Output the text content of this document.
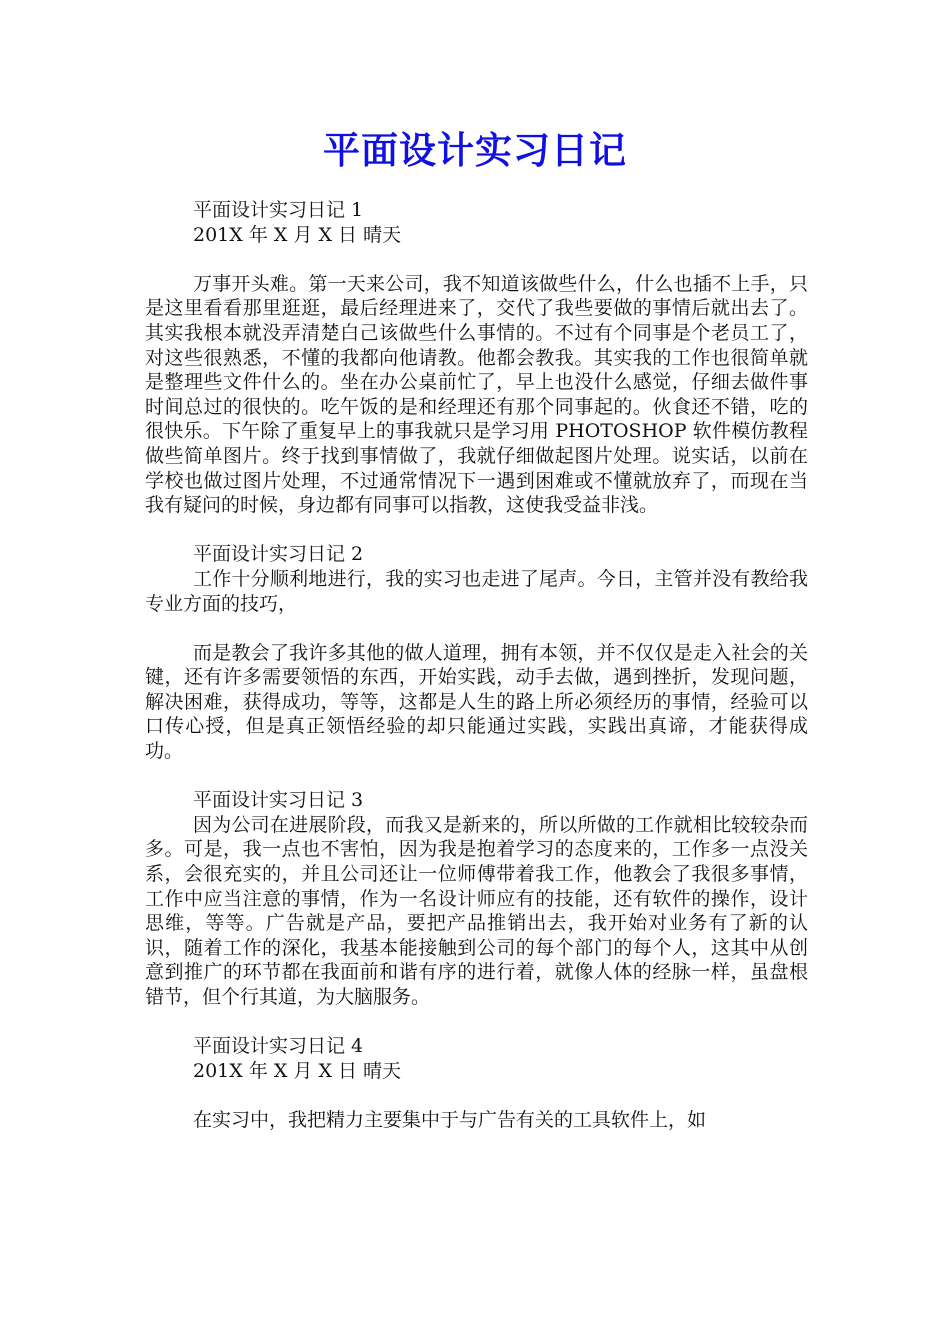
平面设计实习日记

平面设计实习日记 1

201X 年 X 月 X 日 晴天

万事开头难。第一天来公司，我不知道该做些什么，什么也插不上手，只是这里看看那里逛逛，最后经理进来了，交代了我些要做的事情后就出去了。其实我根本就没弄清楚白己该做些什么事情的。不过有个同事是个老员工了，对这些很熟悉，不懂的我都向他请教。他都会教我。其实我的工作也很简单就是整理些文件什么的。坐在办公桌前忙了，早上也没什么感觉，仔细去做件事时间总过的很快的。吃午饭的是和经理还有那个同事起的。伙食还不错，吃的很快乐。下午除了重复早上的事我就只是学习用 PHOTOSHOP 软件模仿教程做些简单图片。终于找到事情做了，我就仔细做起图片处理。说实话，以前在学校也做过图片处理，不过通常情况下一遇到困难或不懂就放弃了，而现在当我有疑问的时候，身边都有同事可以指教，这使我受益非浅。

平面设计实习日记 2

工作十分顺利地进行，我的实习也走进了尾声。今日，主管并没有教给我专业方面的技巧，

而是教会了我许多其他的做人道理，拥有本领，并不仅仅是走入社会的关键，还有许多需要领悟的东西，开始实践，动手去做，遇到挫折，发现问题，解决困难，获得成功，等等，这都是人生的路上所必须经历的事情，经验可以口传心授，但是真正领悟经验的却只能通过实践，实践出真谛，才能获得成功。

平面设计实习日记 3

因为公司在进展阶段，而我又是新来的，所以所做的工作就相比较较杂而多。可是，我一点也不害怕，因为我是抱着学习的态度来的，工作多一点没关系，会很充实的，并且公司还让一位师傅带着我工作，他教会了我很多事情，工作中应当注意的事情，作为一名设计师应有的技能，还有软件的操作，设计思维，等等。广告就是产品，要把产品推销出去，我开始对业务有了新的认识，随着工作的深化，我基本能接触到公司的每个部门的每个人，这其中从创意到推广的环节都在我面前和谐有序的进行着，就像人体的经脉一样，虽盘根错节，但个行其道，为大脑服务。

平面设计实习日记 4

201X 年 X 月 X 日 晴天

在实习中，我把精力主要集中于与广告有关的工具软件上，如
